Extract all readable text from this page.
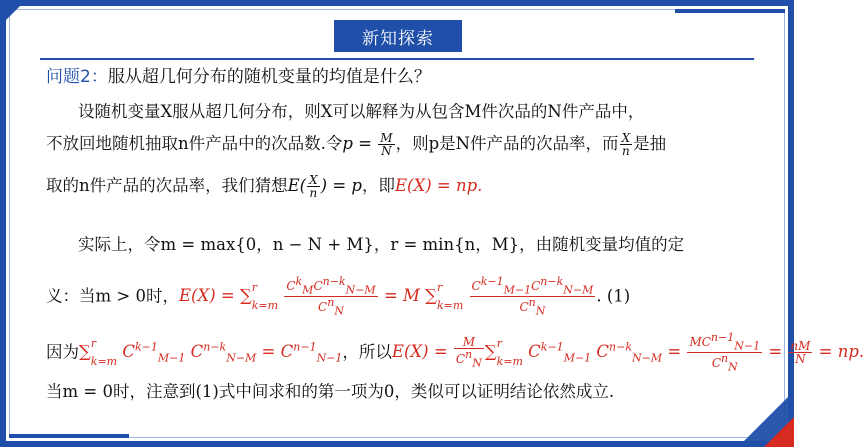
新知探索
问题2：服从超几何分布的随机变量的均值是什么？
设随机变量X服从超几何分布，则X可以解释为从包含M件次品的N件产品中，
不放回地随机抽取n件产品中的次品数.令$p = \frac{M}{N}$ ，则p是N件产品的次品率，而 $\frac{X}{n}$ 是抽
取的n件产品的次品率，我们猜想$E( \frac{X}{n}$ ) = p，即E(X) = np.
实际上，令m = max{0，n − N + M}，r = min{n，M}，由随机变量均值的定
义：当m > 0时，E(X) = ∑$^r$
$_{k=m} \frac{C^k_MC^{n-k}_{N-M}}{C^n_N} = M$ ∑$^r$
$_{k=m} \frac{C^{k-1}_{M-1}C^{n-k}_{N-M}}{C^n_N}$ . (1)
因为∑$^r$
$_{k=m}$ $C^{k-1}_{M-1}$ $C^{n-k}_{N-M} = C^{n-1}_{N-1}$，所以$E(X) = \frac{M}{C^n_N} \sum^r$
$_{k=m}$ $C^{k-1}_{M-1}$ $C^{n-k}_{N-M} = \frac{MC^{n-1}_{N-1}}{C^n_N} = \frac{nM}{N}$ = np.
当m = 0时，注意到(1)式中间求和的第一项为0，类似可以证明结论依然成立.
